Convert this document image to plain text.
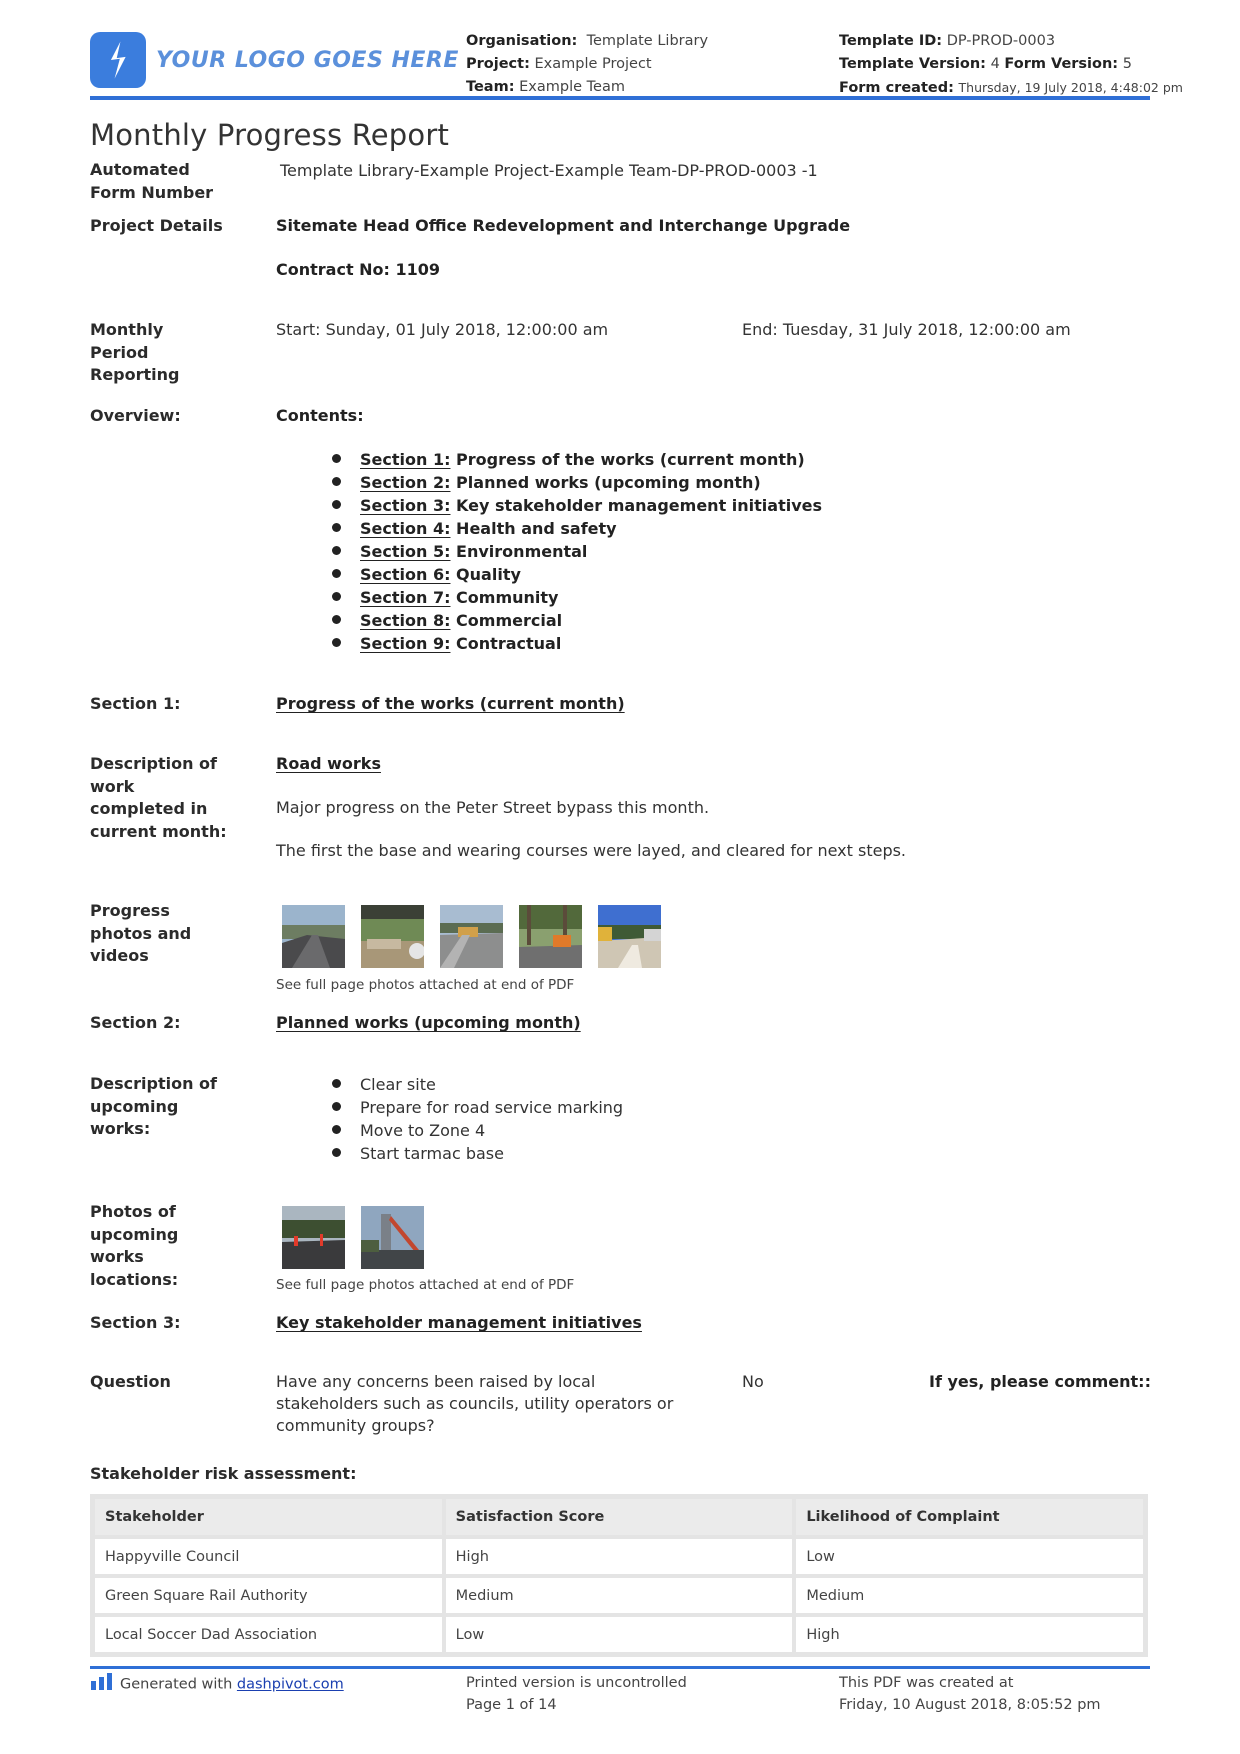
YOUR LOGO GOES HERE
Organisation: Template Library
Project: Example Project
Team: Example Team
Template ID: DP-PROD-0003
Template Version: 4 Form Version: 5
Form created: Thursday, 19 July 2018, 4:48:02 pm
Monthly Progress Report
Automated Form Number
Template Library-Example Project-Example Team-DP-PROD-0003 -1
Project Details	Sitemate Head Office Redevelopment and Interchange Upgrade
Contract No: 1109
Monthly Period Reporting
Start: Sunday, 01 July 2018, 12:00:00 am	End: Tuesday, 31 July 2018, 12:00:00 am
Overview:	Contents:
Section 1: Progress of the works (current month)
Section 2: Planned works (upcoming month)
Section 3: Key stakeholder management initiatives
Section 4: Health and safety
Section 5: Environmental
Section 6: Quality
Section 7: Community
Section 8: Commercial
Section 9: Contractual
Section 1:	Progress of the works (current month)
Description of work completed in current month:
Road works
Major progress on the Peter Street bypass this month.
The first the base and wearing courses were layed, and cleared for next steps.
Progress photos and videos
See full page photos attached at end of PDF
Section 2:	Planned works (upcoming month)
Description of upcoming works:
Clear site
Prepare for road service marking
Move to Zone 4
Start tarmac base
Photos of upcoming works locations:	See full page photos attached at end of PDF
Section 3:	Key stakeholder management initiatives
Question	Have any concerns been raised by local stakeholders such as councils, utility operators or community groups?
No	If yes, please comment::
Stakeholder risk assessment:
Stakeholder	Satisfaction Score	Likelihood of Complaint
Happyville Council	High	Low
Green Square Rail Authority	Medium	Medium
Local Soccer Dad Association	Low	High
Generated with dashpivot.com	Printed version is uncontrolled
Page 1 of 14
This PDF was created at
Friday, 10 August 2018, 8:05:52 pm
